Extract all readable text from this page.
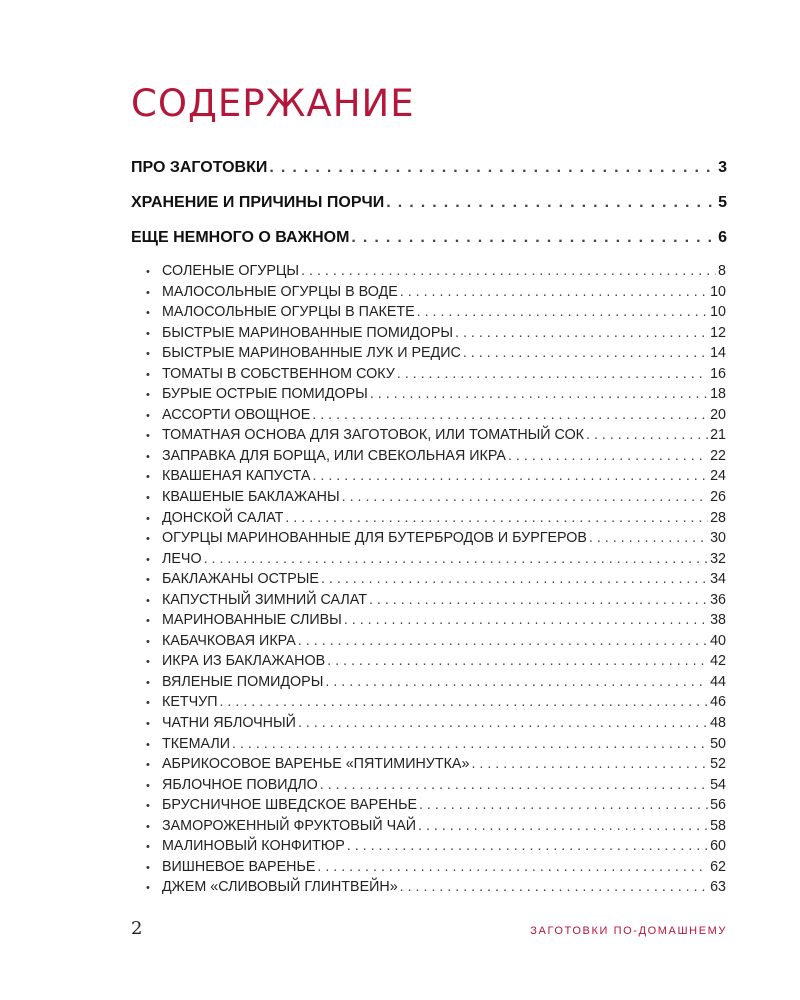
СОДЕРЖАНИЕ
ПРО ЗАГОТОВКИ . . .	3
ХРАНЕНИЕ И ПРИЧИНЫ ПОРЧИ . . .	5
ЕЩЕ НЕМНОГО О ВАЖНОМ . . .	6
• СОЛЕНЫЕ ОГУРЦЫ . . .	8
• МАЛОСОЛЬНЫЕ ОГУРЦЫ В ВОДЕ . . .	10
• МАЛОСОЛЬНЫЕ ОГУРЦЫ В ПАКЕТЕ . . .	10
• БЫСТРЫЕ МАРИНОВАННЫЕ ПОМИДОРЫ . . .	12
• БЫСТРЫЕ МАРИНОВАННЫЕ ЛУК И РЕДИС . . .	14
• ТОМАТЫ В СОБСТВЕННОМ СОКУ . . .	16
• БУРЫЕ ОСТРЫЕ ПОМИДОРЫ . . .	18
• АССОРТИ ОВОЩНОЕ . . .	20
• ТОМАТНАЯ ОСНОВА ДЛЯ ЗАГОТОВОК, ИЛИ ТОМАТНЫЙ СОК . . .	21
• ЗАПРАВКА ДЛЯ БОРЩА, ИЛИ СВЕКОЛЬНАЯ ИКРА . . .	22
• КВАШЕНАЯ КАПУСТА . . .	24
• КВАШЕНЫЕ БАКЛАЖАНЫ . . .	26
• ДОНСКОЙ САЛАТ . . .	28
• ОГУРЦЫ МАРИНОВАННЫЕ ДЛЯ БУТЕРБРОДОВ И БУРГЕРОВ . . .	30
• ЛЕЧО . . .	32
• БАКЛАЖАНЫ ОСТРЫЕ . . .	34
• КАПУСТНЫЙ ЗИМНИЙ САЛАТ . . .	36
• МАРИНОВАННЫЕ СЛИВЫ . . .	38
• КАБАЧКОВАЯ ИКРА . . .	40
• ИКРА ИЗ БАКЛАЖАНОВ . . .	42
• ВЯЛЕНЫЕ ПОМИДОРЫ . . .	44
• КЕТЧУП . . .	46
• ЧАТНИ ЯБЛОЧНЫЙ . . .	48
• ТКЕМАЛИ . . .	50
• АБРИКОСОВОЕ ВАРЕНЬЕ «ПЯТИМИНУТКА» . . .	52
• ЯБЛОЧНОЕ ПОВИДЛО . . .	54
• БРУСНИЧНОЕ ШВЕДСКОЕ ВАРЕНЬЕ . . .	56
• ЗАМОРОЖЕННЫЙ ФРУКТОВЫЙ ЧАЙ . . .	58
• МАЛИНОВЫЙ КОНФИТЮР . . .	60
• ВИШНЕВОЕ ВАРЕНЬЕ . . .	62
• ДЖЕМ «СЛИВОВЫЙ ГЛИНТВЕЙН» . . .	63
2	ЗАГОТОВКИ ПО-ДОМАШНЕМУ
